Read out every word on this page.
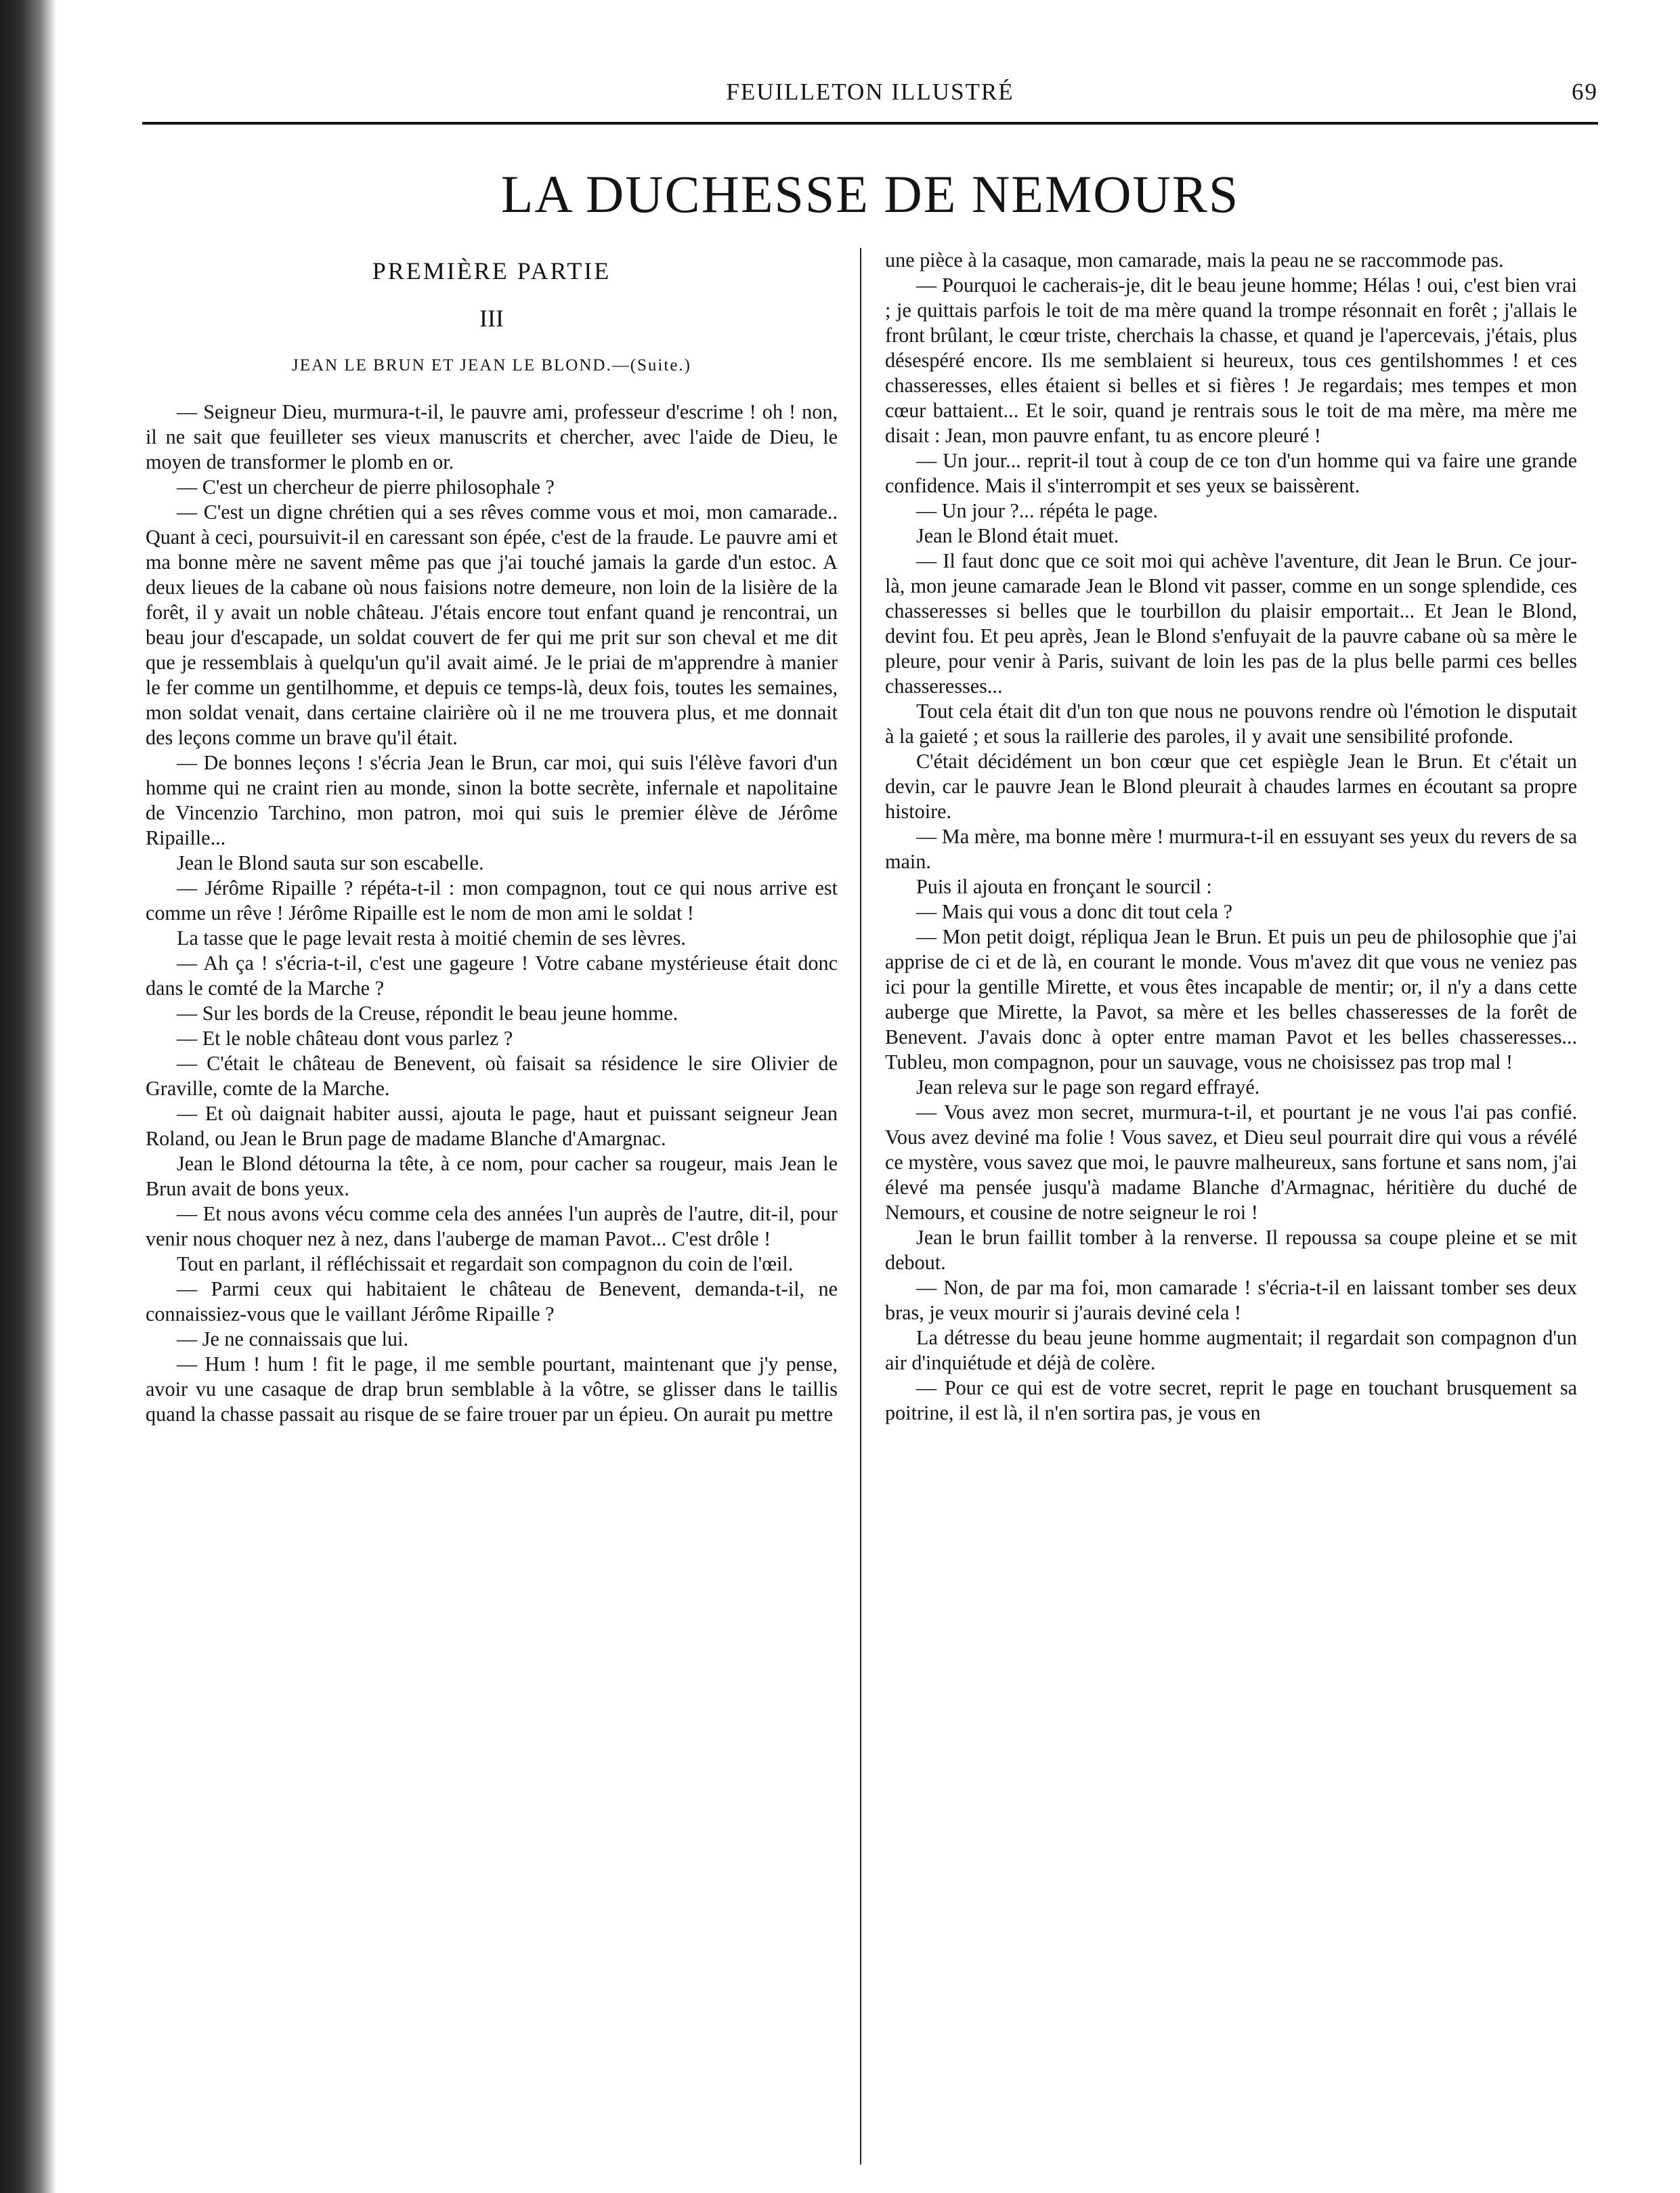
FEUILLETON ILLUSTRÉ	69
LA DUCHESSE DE NEMOURS
PREMIÈRE PARTIE
III
JEAN LE BRUN ET JEAN LE BLOND.—(Suite.)

— Seigneur Dieu, murmura-t-il, le pauvre ami, professeur d'escrime ! oh ! non, il ne sait que feuilleter ses vieux manuscrits et chercher, avec l'aide de Dieu, le moyen de transformer le plomb en or.

— C'est un chercheur de pierre philosophale ?

— C'est un digne chrétien qui a ses rêves comme vous et moi, mon camarade.. Quant à ceci, poursuivit-il en caressant son épée, c'est de la fraude. Le pauvre ami et ma bonne mère ne savent même pas que j'ai touché jamais la garde d'un estoc. A deux lieues de la cabane où nous faisions notre demeure, non loin de la lisière de la forêt, il y avait un noble château. J'étais encore tout enfant quand je rencontrai, un beau jour d'escapade, un soldat couvert de fer qui me prit sur son cheval et me dit que je ressemblais à quelqu'un qu'il avait aimé. Je le priai de m'apprendre à manier le fer comme un gentilhomme, et depuis ce temps-là, deux fois, toutes les semaines, mon soldat venait, dans certaine clairière où il ne me trouvera plus, et me donnait des leçons comme un brave qu'il était.

— De bonnes leçons ! s'écria Jean le Brun, car moi, qui suis l'élève favori d'un homme qui ne craint rien au monde, sinon la botte secrète, infernale et napolitaine de Vincenzio Tarchino, mon patron, moi qui suis le premier élève de Jérôme Ripaille...

Jean le Blond sauta sur son escabelle.

— Jérôme Ripaille ? répéta-t-il : mon compagnon, tout ce qui nous arrive est comme un rêve ! Jérôme Ripaille est le nom de mon ami le soldat !

La tasse que le page levait resta à moitié chemin de ses lèvres.

— Ah ça ! s'écria-t-il, c'est une gageure ! Votre cabane mystérieuse était donc dans le comté de la Marche ?

— Sur les bords de la Creuse, répondit le beau jeune homme.

— Et le noble château dont vous parlez ?

— C'était le château de Benevent, où faisait sa résidence le sire Olivier de Graville, comte de la Marche.

— Et où daignait habiter aussi, ajouta le page, haut et puissant seigneur Jean Roland, ou Jean le Brun page de madame Blanche d'Amargnac.

Jean le Blond détourna la tête, à ce nom, pour cacher sa rougeur, mais Jean le Brun avait de bons yeux.

— Et nous avons vécu comme cela des années l'un auprès de l'autre, dit-il, pour venir nous choquer nez à nez, dans l'auberge de maman Pavot... C'est drôle !

Tout en parlant, il réfléchissait et regardait son compagnon du coin de l'œil.

— Parmi ceux qui habitaient le château de Benevent, demanda-t-il, ne connaissiez-vous que le vaillant Jérôme Ripaille ?

— Je ne connaissais que lui.

— Hum ! hum ! fit le page, il me semble pourtant, maintenant que j'y pense, avoir vu une casaque de drap brun semblable à la vôtre, se glisser dans le taillis quand la chasse passait au risque de se faire trouer par un épieu. On aurait pu mettre

une pièce à la casaque, mon camarade, mais la peau ne se raccommode pas.

— Pourquoi le cacherais-je, dit le beau jeune homme; Hélas ! oui, c'est bien vrai ; je quittais parfois le toit de ma mère quand la trompe résonnait en forêt ; j'allais le front brûlant, le cœur triste, cherchais la chasse, et quand je l'apercevais, j'étais, plus désespéré encore. Ils me semblaient si heureux, tous ces gentilshommes ! et ces chasseresses, elles étaient si belles et si fières ! Je regardais; mes tempes et mon cœur battaient... Et le soir, quand je rentrais sous le toit de ma mère, ma mère me disait : Jean, mon pauvre enfant, tu as encore pleuré !

— Un jour... reprit-il tout à coup de ce ton d'un homme qui va faire une grande confidence. Mais il s'interrompit et ses yeux se baissèrent.

— Un jour ?... répéta le page.

Jean le Blond était muet.

— Il faut donc que ce soit moi qui achève l'aventure, dit Jean le Brun. Ce jour-là, mon jeune camarade Jean le Blond vit passer, comme en un songe splendide, ces chasseresses si belles que le tourbillon du plaisir emportait... Et Jean le Blond, devint fou. Et peu après, Jean le Blond s'enfuyait de la pauvre cabane où sa mère le pleure, pour venir à Paris, suivant de loin les pas de la plus belle parmi ces belles chasseresses...

Tout cela était dit d'un ton que nous ne pouvons rendre où l'émotion le disputait à la gaieté ; et sous la raillerie des paroles, il y avait une sensibilité profonde.

C'était décidément un bon cœur que cet espiègle Jean le Brun. Et c'était un devin, car le pauvre Jean le Blond pleurait à chaudes larmes en écoutant sa propre histoire.

— Ma mère, ma bonne mère ! murmura-t-il en essuyant ses yeux du revers de sa main.

Puis il ajouta en fronçant le sourcil :

— Mais qui vous a donc dit tout cela ?

— Mon petit doigt, répliqua Jean le Brun. Et puis un peu de philosophie que j'ai apprise de ci et de là, en courant le monde. Vous m'avez dit que vous ne veniez pas ici pour la gentille Mirette, et vous êtes incapable de mentir; or, il n'y a dans cette auberge que Mirette, la Pavot, sa mère et les belles chasseresses de la forêt de Benevent. J'avais donc à opter entre maman Pavot et les belles chasseresses... Tubleu, mon compagnon, pour un sauvage, vous ne choisissez pas trop mal !

Jean releva sur le page son regard effrayé.

— Vous avez mon secret, murmura-t-il, et pourtant je ne vous l'ai pas confié. Vous avez deviné ma folie ! Vous savez, et Dieu seul pourrait dire qui vous a révélé ce mystère, vous savez que moi, le pauvre malheureux, sans fortune et sans nom, j'ai élevé ma pensée jusqu'à madame Blanche d'Armagnac, héritière du duché de Nemours, et cousine de notre seigneur le roi !

Jean le brun faillit tomber à la renverse. Il repoussa sa coupe pleine et se mit debout.

— Non, de par ma foi, mon camarade ! s'écria-t-il en laissant tomber ses deux bras, je veux mourir si j'aurais deviné cela !

La détresse du beau jeune homme augmentait; il regardait son compagnon d'un air d'inquiétude et déjà de colère.

— Pour ce qui est de votre secret, reprit le page en touchant brusquement sa poitrine, il est là, il n'en sortira pas, je vous en
